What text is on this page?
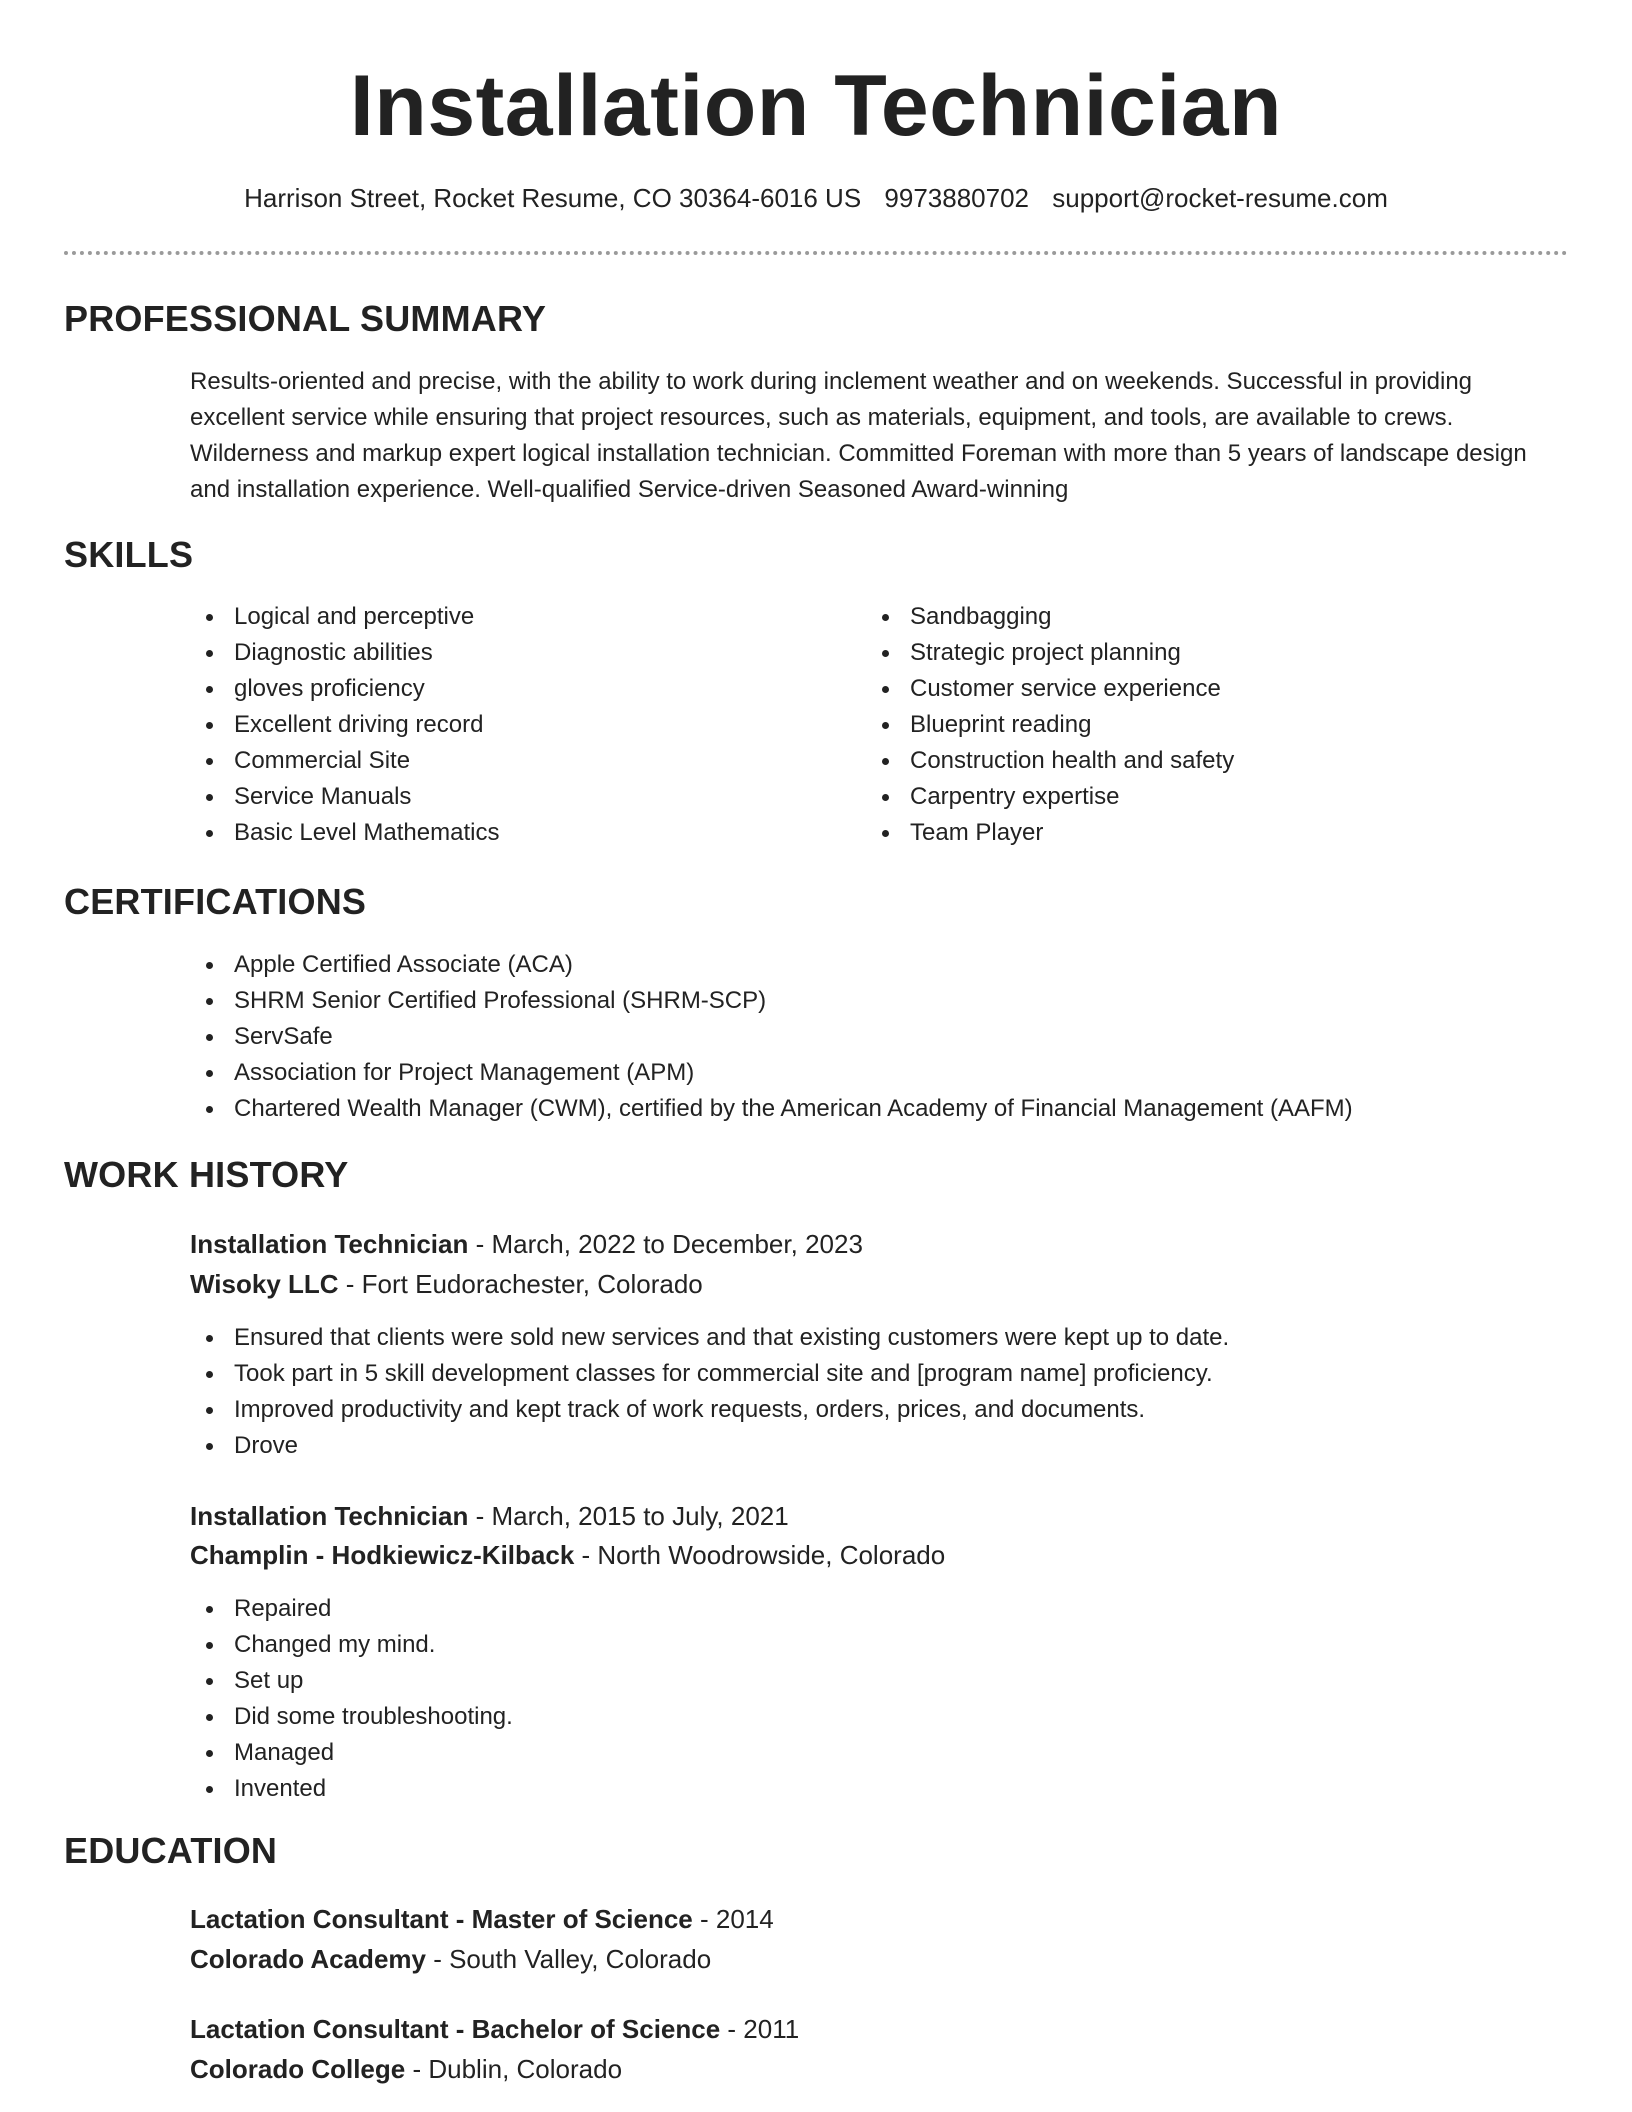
Installation Technician
Harrison Street, Rocket Resume, CO 30364-6016 US 9973880702 support@rocket-resume.com
PROFESSIONAL SUMMARY

Results-oriented and precise, with the ability to work during inclement weather and on weekends. Successful in providing excellent service while ensuring that project resources, such as materials, equipment, and tools, are available to crews. Wilderness and markup expert logical installation technician. Committed Foreman with more than 5 years of landscape design and installation experience. Well-qualified Service-driven Seasoned Award-winning

SKILLS
Logical and perceptive
Diagnostic abilities
gloves proficiency
Excellent driving record
Commercial Site
Service Manuals
Basic Level Mathematics
Sandbagging
Strategic project planning
Customer service experience
Blueprint reading
Construction health and safety
Carpentry expertise
Team Player
CERTIFICATIONS
Apple Certified Associate (ACA)
SHRM Senior Certified Professional (SHRM-SCP)
ServSafe
Association for Project Management (APM)
Chartered Wealth Manager (CWM), certified by the American Academy of Financial Management (AAFM)
WORK HISTORY
Installation Technician - March, 2022 to December, 2023
Wisoky LLC - Fort Eudorachester, Colorado
Ensured that clients were sold new services and that existing customers were kept up to date.
Took part in 5 skill development classes for commercial site and [program name] proficiency.
Improved productivity and kept track of work requests, orders, prices, and documents.
Drove
Installation Technician - March, 2015 to July, 2021
Champlin - Hodkiewicz-Kilback - North Woodrowside, Colorado
Repaired
Changed my mind.
Set up
Did some troubleshooting.
Managed
Invented
EDUCATION
Lactation Consultant - Master of Science - 2014
Colorado Academy - South Valley, Colorado
Lactation Consultant - Bachelor of Science - 2011
Colorado College - Dublin, Colorado
